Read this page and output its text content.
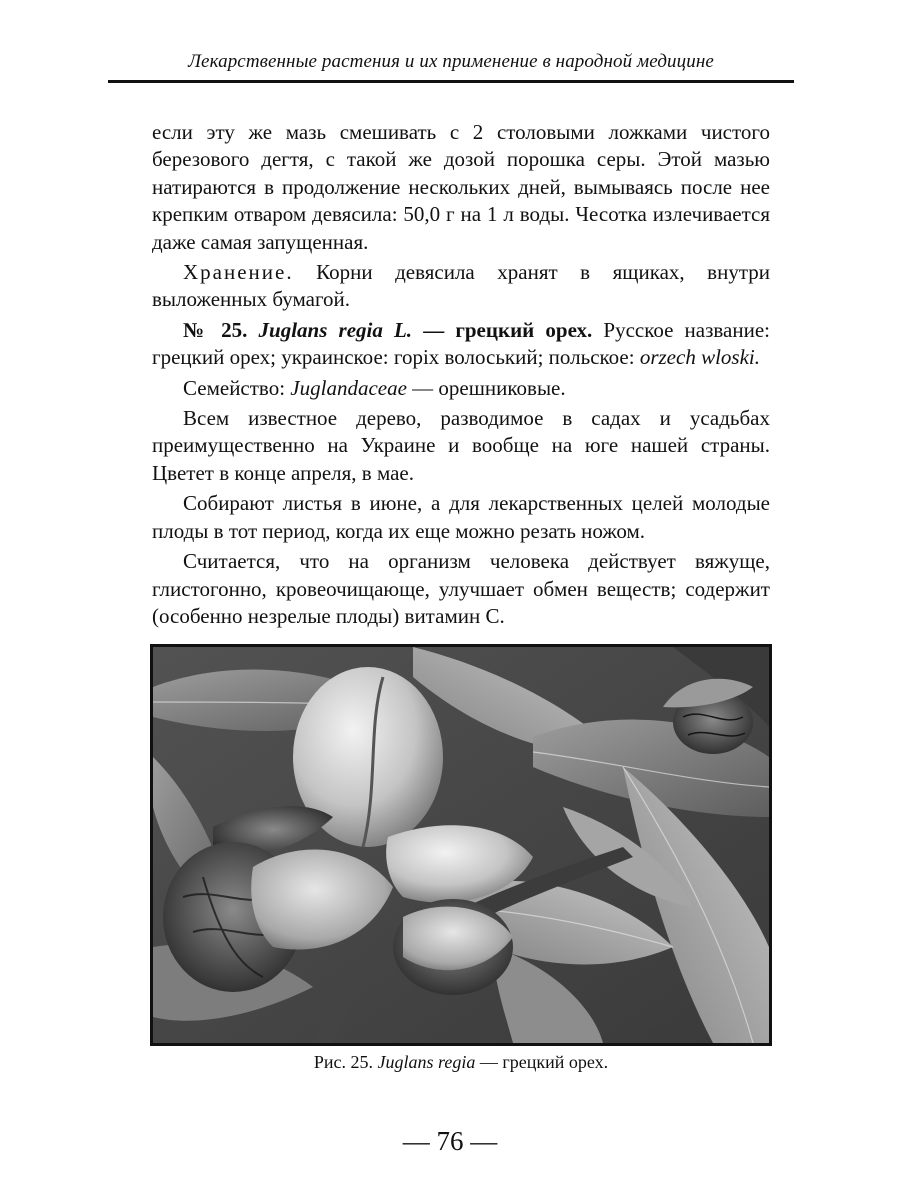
Лекарственные растения и их применение в народной медицине

если эту же мазь смешивать с 2 столовыми ложками чистого березового дегтя, с такой же дозой порошка серы. Этой мазью натираются в продолжение нескольких дней, вымываясь после нее крепким отваром девясила: 50,0 г на 1 л воды. Чесотка излечивается даже самая запущенная.

Хранение. Корни девясила хранят в ящиках, внутри выложенных бумагой.

№ 25. Juglans regia L. — грецкий орех. Русское название: грецкий орех; украинское: горіх волоський; польское: orzech wloski.

Семейство: Juglandaceae — орешниковые.

Всем известное дерево, разводимое в садах и усадьбах преимущественно на Украине и вообще на юге нашей страны. Цветет в конце апреля, в мае.

Собирают листья в июне, а для лекарственных целей молодые плоды в тот период, когда их еще можно резать ножом.

Считается, что на организм человека действует вяжуще, глистогонно, кровеочищающе, улучшает обмен веществ; содержит (особенно незрелые плоды) витамин С.

Рис. 25. Juglans regia — грецкий орех.
— 76 —
